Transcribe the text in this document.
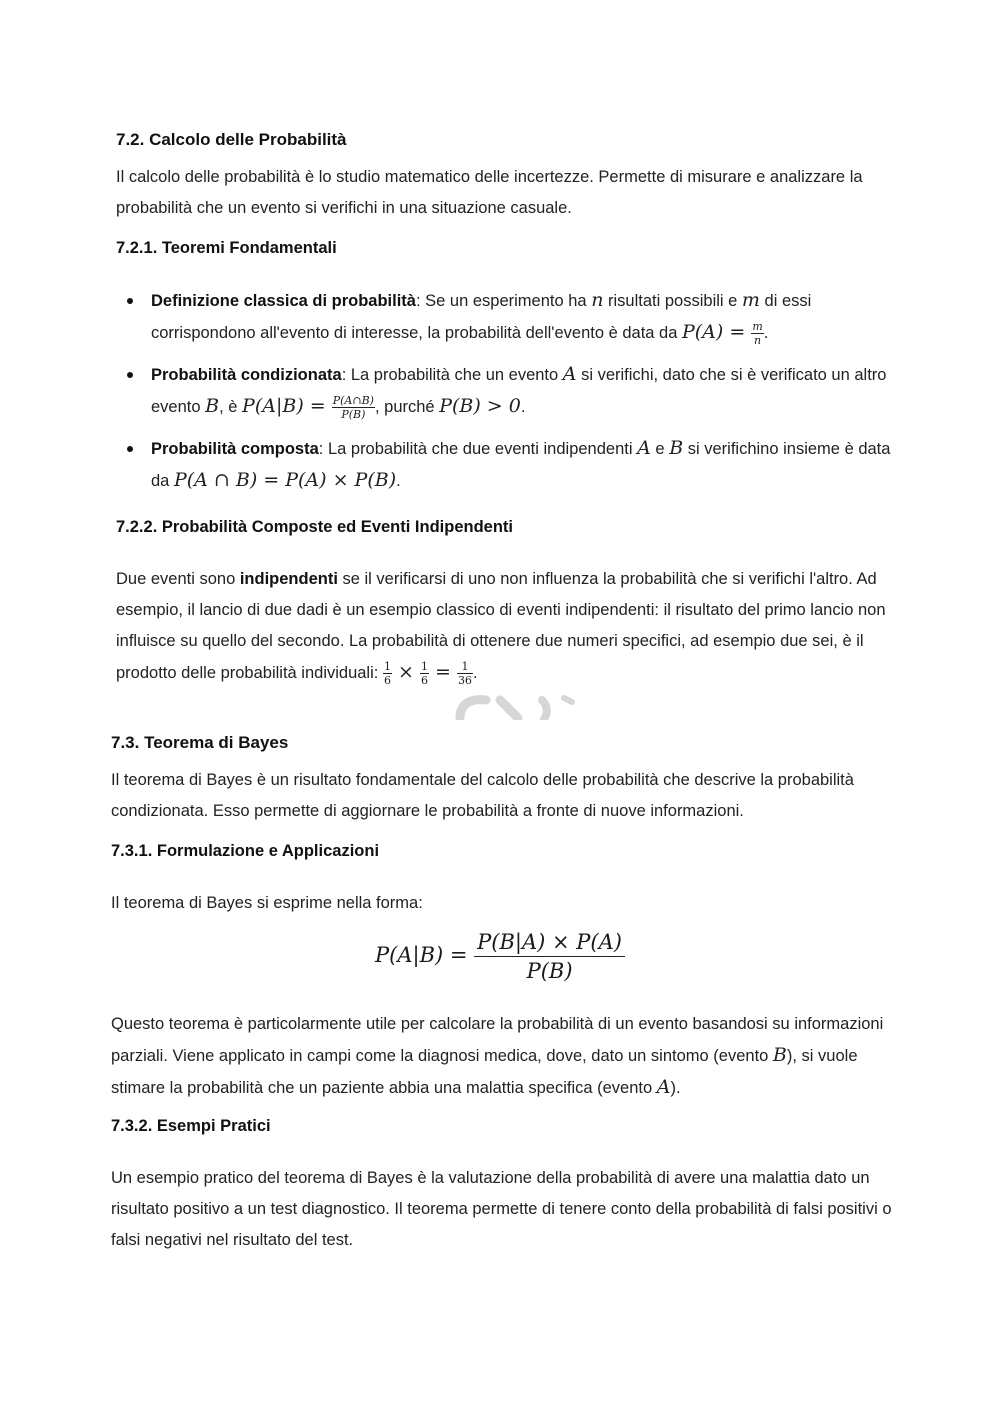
7.2. Calcolo delle Probabilità

Il calcolo delle probabilità è lo studio matematico delle incertezze. Permette di misurare e analizzare la probabilità che un evento si verifichi in una situazione casuale.

7.2.1. Teoremi Fondamentali
Definizione classica di probabilità: Se un esperimento ha n risultati possibili e m di essi corrispondono all'evento di interesse, la probabilità dell'evento è data da $P(A) = \frac{m}{n}$ .
Probabilità condizionata: La probabilità che un evento A si verifichi, dato che si è verificato un altro evento B, è $P(A|B) = \frac{P(A\cap B)}{P(B)}$ , purché P(B) > 0.
Probabilità composta: La probabilità che due eventi indipendenti A e B si verifichino insieme è data da P(A ∩ B) = P(A) × P(B).
7.2.2. Probabilità Composte ed Eventi Indipendenti

Due eventi sono indipendenti se il verificarsi di uno non influenza la probabilità che si verifichi l'altro. Ad esempio, il lancio di due dadi è un esempio classico di eventi indipendenti: il risultato del primo lancio non influisce su quello del secondo. La probabilità di ottenere due numeri specifici, ad esempio due sei, è il prodotto delle probabilità individuali: $\frac{1}{6} \times \frac{1}{6} = \frac{1}{36}$ .

7.3. Teorema di Bayes

Il teorema di Bayes è un risultato fondamentale del calcolo delle probabilità che descrive la probabilità condizionata. Esso permette di aggiornare le probabilità a fronte di nuove informazioni.

7.3.1. Formulazione e Applicazioni

Il teorema di Bayes si esprime nella forma:

$P(A|B) = \frac{P(B|A) \times P(A)}{P(B)}$

Questo teorema è particolarmente utile per calcolare la probabilità di un evento basandosi su informazioni parziali. Viene applicato in campi come la diagnosi medica, dove, dato un sintomo (evento B), si vuole stimare la probabilità che un paziente abbia una malattia specifica (evento A).

7.3.2. Esempi Pratici

Un esempio pratico del teorema di Bayes è la valutazione della probabilità di avere una malattia dato un risultato positivo a un test diagnostico. Il teorema permette di tenere conto della probabilità di falsi positivi o falsi negativi nel risultato del test.
